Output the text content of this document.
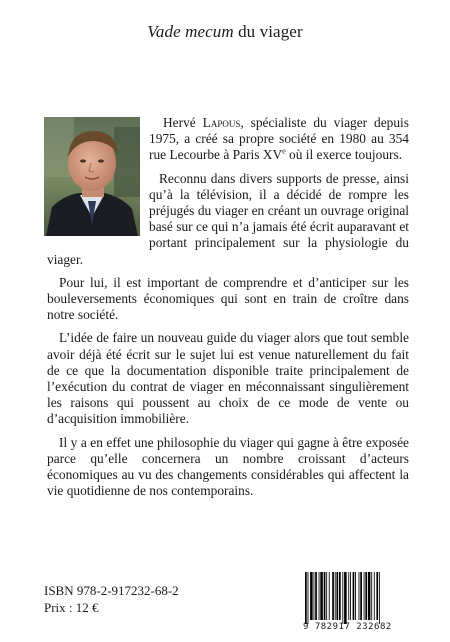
Vade mecum du viager

Hervé Lapous, spécialiste du viager depuis 1975, a créé sa propre société en 1980 au 354 rue Lecourbe à Paris XVe où il exerce toujours.

Reconnu dans divers supports de presse, ainsi qu’à la télévision, il a décidé de rompre les préjugés du viager en créant un ouvrage original basé sur ce qui n’a jamais été écrit auparavant et portant principalement sur la physiologie du viager.

Pour lui, il est important de comprendre et d’anticiper sur les bouleversements économiques qui sont en train de croître dans notre société.

L’idée de faire un nouveau guide du viager alors que tout semble avoir déjà été écrit sur le sujet lui est venue naturellement du fait de ce que la documentation disponible traite principalement de l’exécution du contrat de viager en méconnaissant singulièrement les raisons qui poussent au choix de ce mode de vente ou d’acquisition immobilière.

Il y a en effet une philosophie du viager qui gagne à être exposée parce qu’elle concernera un nombre croissant d’acteurs économiques au vu des changements considérables qui affectent la vie quotidienne de nos contemporains.

ISBN 978-2-917232-68-2
Prix : 12 €
9 782917 232682
